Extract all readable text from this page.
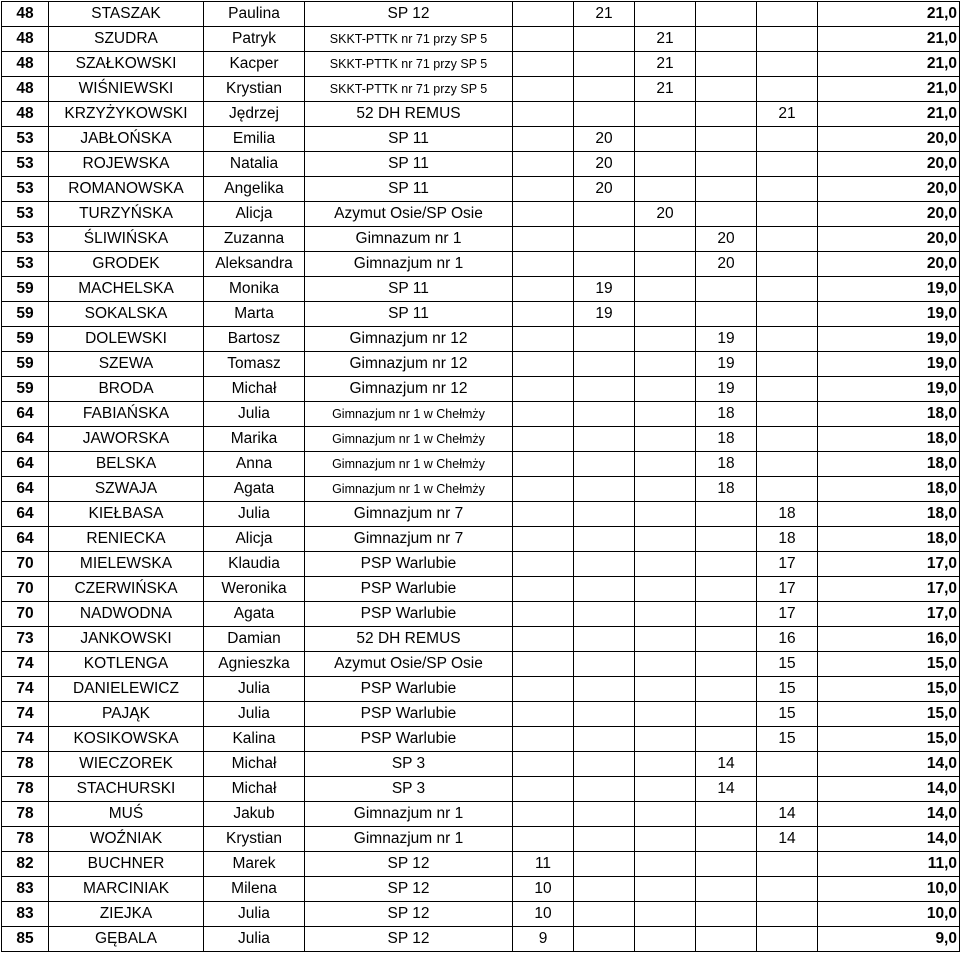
48	STASZAK	Paulina	SP 12		21				21,0
48	SZUDRA	Patryk	SKKT-PTTK nr 71 przy SP 5			21			21,0
48	SZAŁKOWSKI	Kacper	SKKT-PTTK nr 71 przy SP 5			21			21,0
48	WIŚNIEWSKI	Krystian	SKKT-PTTK nr 71 przy SP 5			21			21,0
48	KRZYŻYKOWSKI	Jędrzej	52 DH REMUS					21	21,0
53	JABŁOŃSKA	Emilia	SP 11		20				20,0
53	ROJEWSKA	Natalia	SP 11		20				20,0
53	ROMANOWSKA	Angelika	SP 11		20				20,0
53	TURZYŃSKA	Alicja	Azymut Osie/SP Osie			20			20,0
53	ŚLIWIŃSKA	Zuzanna	Gimnazum nr 1				20		20,0
53	GRODEK	Aleksandra	Gimnazjum nr 1				20		20,0
59	MACHELSKA	Monika	SP 11		19				19,0
59	SOKALSKA	Marta	SP 11		19				19,0
59	DOLEWSKI	Bartosz	Gimnazjum nr 12				19		19,0
59	SZEWA	Tomasz	Gimnazjum nr 12				19		19,0
59	BRODA	Michał	Gimnazjum nr 12				19		19,0
64	FABIAŃSKA	Julia	Gimnazjum nr 1 w Chełmży				18		18,0
64	JAWORSKA	Marika	Gimnazjum nr 1 w Chełmży				18		18,0
64	BELSKA	Anna	Gimnazjum nr 1 w Chełmży				18		18,0
64	SZWAJA	Agata	Gimnazjum nr 1 w Chełmży				18		18,0
64	KIEŁBASA	Julia	Gimnazjum nr 7					18	18,0
64	RENIECKA	Alicja	Gimnazjum nr 7					18	18,0
70	MIELEWSKA	Klaudia	PSP Warlubie					17	17,0
70	CZERWIŃSKA	Weronika	PSP Warlubie					17	17,0
70	NADWODNA	Agata	PSP Warlubie					17	17,0
73	JANKOWSKI	Damian	52 DH REMUS					16	16,0
74	KOTLENGA	Agnieszka	Azymut Osie/SP Osie					15	15,0
74	DANIELEWICZ	Julia	PSP Warlubie					15	15,0
74	PAJĄK	Julia	PSP Warlubie					15	15,0
74	KOSIKOWSKA	Kalina	PSP Warlubie					15	15,0
78	WIECZOREK	Michał	SP 3				14		14,0
78	STACHURSKI	Michał	SP 3				14		14,0
78	MUŚ	Jakub	Gimnazjum nr 1					14	14,0
78	WOŹNIAK	Krystian	Gimnazjum nr 1					14	14,0
82	BUCHNER	Marek	SP 12	11					11,0
83	MARCINIAK	Milena	SP 12	10					10,0
83	ZIEJKA	Julia	SP 12	10					10,0
85	GĘBALA	Julia	SP 12	9					9,0
